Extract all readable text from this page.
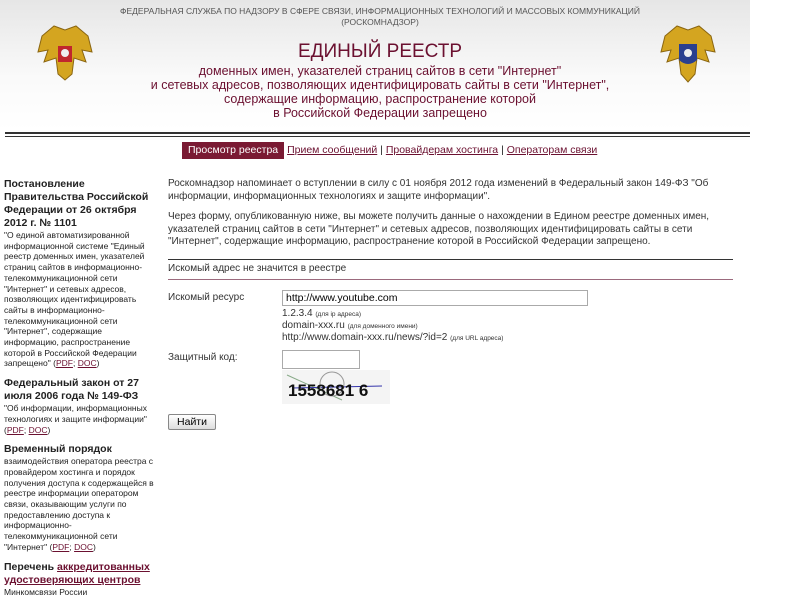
ФЕДЕРАЛЬНАЯ СЛУЖБА ПО НАДЗОРУ В СФЕРЕ СВЯЗИ, ИНФОРМАЦИОННЫХ ТЕХНОЛОГИЙ И МАССОВЫХ КОММУНИКАЦИЙ
(РОСКОМНАДЗОР)
ЕДИНЫЙ РЕЕСТР
доменных имен, указателей страниц сайтов в сети "Интернет"
и сетевых адресов, позволяющих идентифицировать сайты в сети "Интернет",
содержащие информацию, распространение которой
в Российской Федерации запрещено
Просмотр реестра Прием сообщений | Провайдерам хостинга | Операторам связи
Постановление Правительства Российской Федерации от 26 октября 2012 г. № 1101
"О единой автоматизированной информационной системе "Единый реестр доменных имен, указателей страниц сайтов в информационно-телекоммуникационной сети "Интернет" и сетевых адресов, позволяющих идентифицировать сайты в информационно-телекоммуникационной сети "Интернет", содержащие информацию, распространение которой в Российской Федерации запрещено" (PDF; DOC)
Федеральный закон от 27 июля 2006 года № 149-ФЗ
"Об информации, информационных технологиях и защите информации"
(PDF; DOC)
Временный порядок
взаимодействия оператора реестра с провайдером хостинга и порядок получения доступа к содержащейся в реестре информации оператором связи, оказывающим услуги по предоставлению доступа к информационно-телекоммуникационной сети "Интернет" (PDF; DOC)
Перечень аккредитованных удостоверяющих центров
Минкомсвязи России

Роскомнадзор напоминает о вступлении в силу с 01 ноября 2012 года изменений в Федеральный закон 149-ФЗ "Об информации, информационных технологиях и защите информации".

Через форму, опубликованную ниже, вы можете получить данные о нахождении в Едином реестре доменных имен, указателей страниц сайтов в сети "Интернет" и сетевых адресов, позволяющих идентифицировать сайты в сети "Интернет", содержащие информацию, распространение которой в Российской Федерации запрещено.

Искомый адрес не значится в реестре
Искомый ресурс
http://www.youtube.com
1.2.3.4 (для ip адреса)
domain-xxx.ru (для доменного имени)
http://www.domain-xxx.ru/news/?id=2 (для URL адреса)
Защитный код:
1558681 6
Найти
